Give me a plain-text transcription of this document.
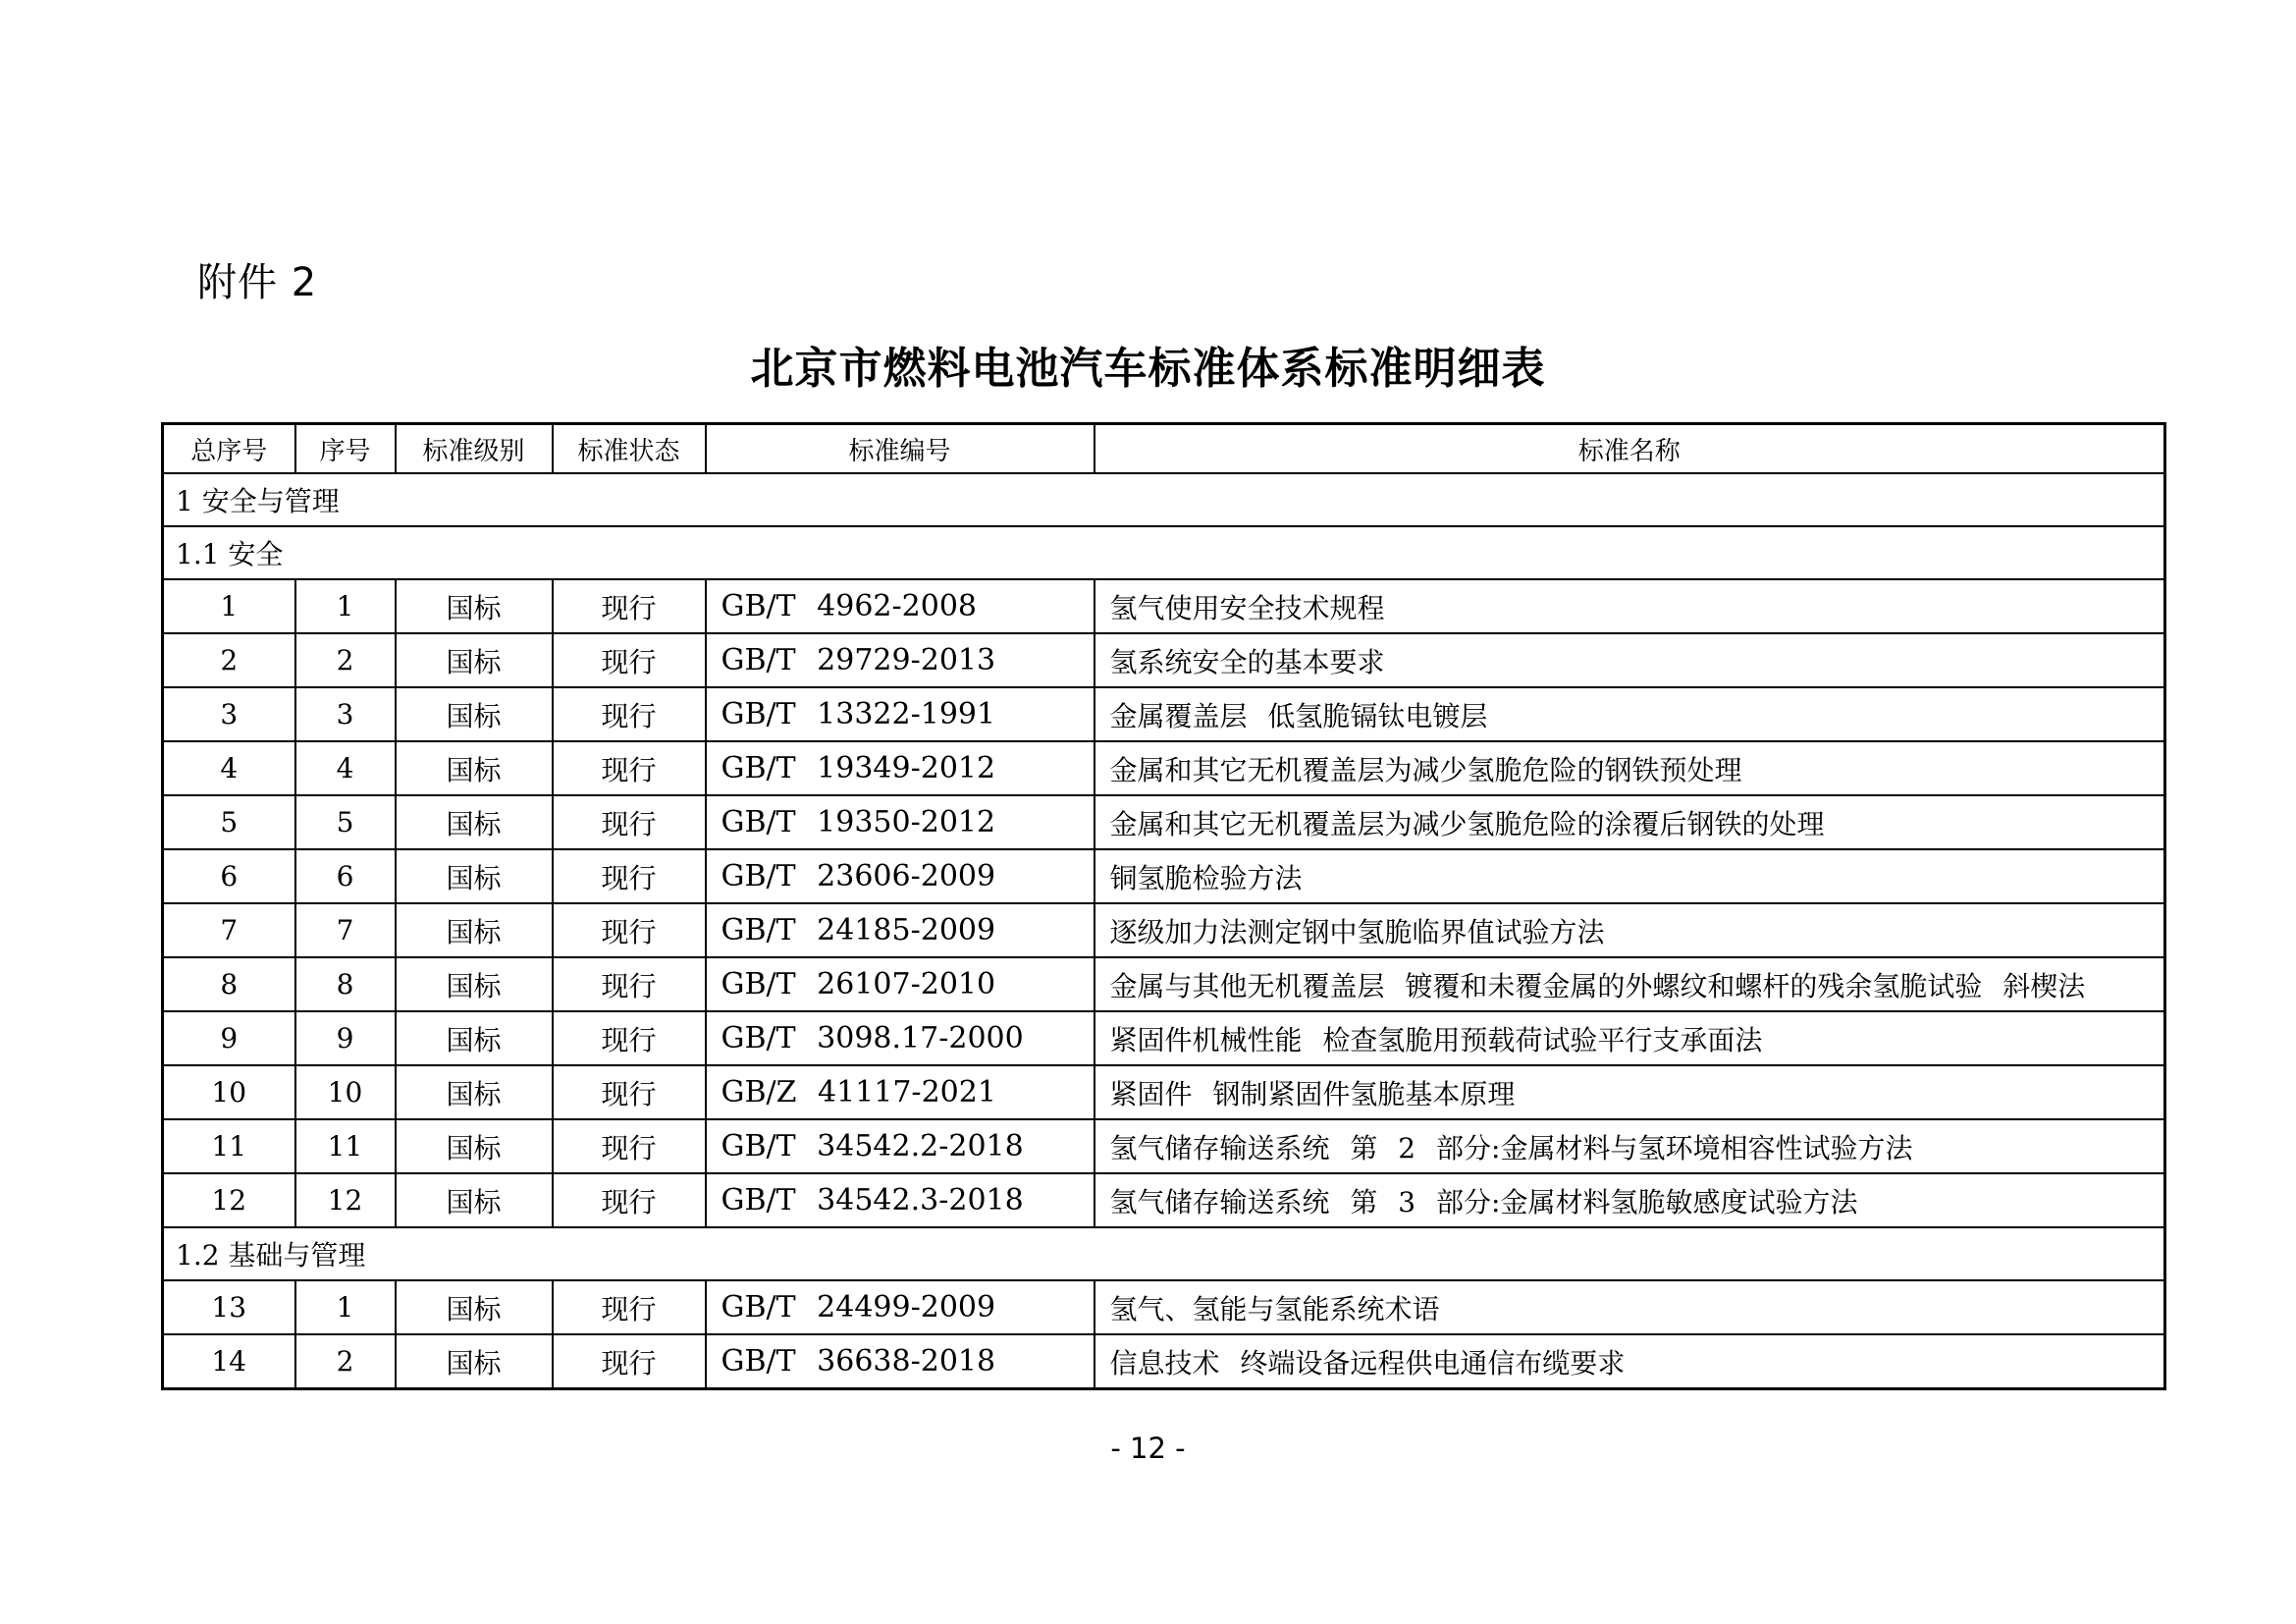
附件 2
北京市燃料电池汽车标准体系标准明细表
总序号	序号	标准级别	标准状态	标准编号	标准名称
1 安全与管理					
1.1 安全					
1	1	国标	现行	GB/T 4962-2008	氢气使用安全技术规程
2	2	国标	现行	GB/T 29729-2013	氢系统安全的基本要求
3	3	国标	现行	GB/T 13322-1991	金属覆盖层 低氢脆镉钛电镀层
4	4	国标	现行	GB/T 19349-2012	金属和其它无机覆盖层为减少氢脆危险的钢铁预处理
5	5	国标	现行	GB/T 19350-2012	金属和其它无机覆盖层为减少氢脆危险的涂覆后钢铁的处理
6	6	国标	现行	GB/T 23606-2009	铜氢脆检验方法
7	7	国标	现行	GB/T 24185-2009	逐级加力法测定钢中氢脆临界值试验方法
8	8	国标	现行	GB/T 26107-2010	金属与其他无机覆盖层 镀覆和未覆金属的外螺纹和螺杆的残余氢脆试验 斜楔法
9	9	国标	现行	GB/T 3098.17-2000	紧固件机械性能 检查氢脆用预载荷试验平行支承面法
10	10	国标	现行	GB/Z 41117-2021	紧固件 钢制紧固件氢脆基本原理
11	11	国标	现行	GB/T 34542.2-2018	氢气储存输送系统 第 2 部分:金属材料与氢环境相容性试验方法
12	12	国标	现行	GB/T 34542.3-2018	氢气储存输送系统 第 3 部分:金属材料氢脆敏感度试验方法
1.2 基础与管理					
13	1	国标	现行	GB/T 24499-2009	氢气、氢能与氢能系统术语
14	2	国标	现行	GB/T 36638-2018	信息技术 终端设备远程供电通信布缆要求
- 12 -
